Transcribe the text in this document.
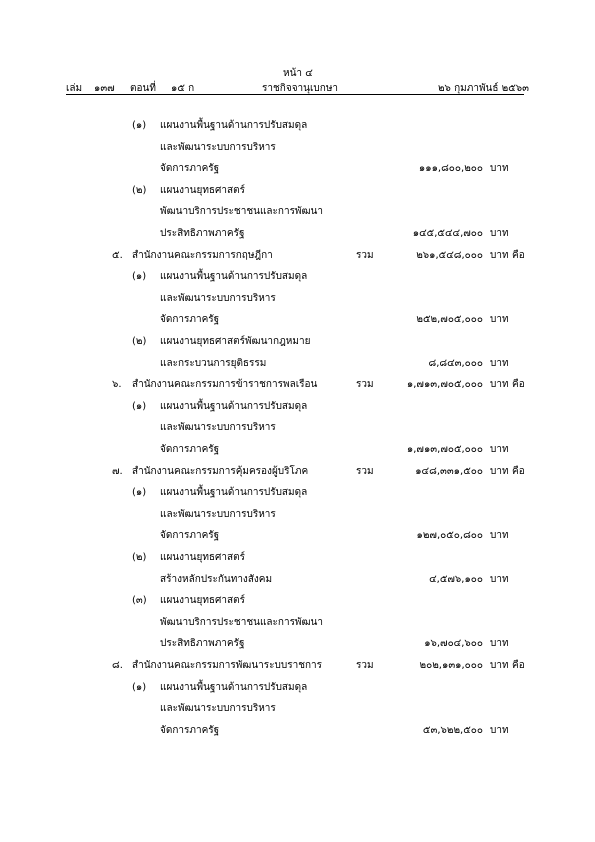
หน้า ๔
เล่ม ๑๓๗ ตอนที่ ๑๕ ก	ราชกิจจานุเบกษา	๒๖ กุมภาพันธ์ ๒๕๖๓
(๑) แผนงานพื้นฐานด้านการปรับสมดุล
และพัฒนาระบบการบริหาร
จัดการภาครัฐ	๑๑๑,๘๐๐,๒๐๐ บาท
(๒) แผนงานยุทธศาสตร์
พัฒนาบริการประชาชนและการพัฒนา
ประสิทธิภาพภาครัฐ	๑๔๕,๕๔๔,๗๐๐ บาท
๕. สำนักงานคณะกรรมการกฤษฎีกา	รวม	๒๖๑,๕๔๘,๐๐๐ บาท คือ
(๑) แผนงานพื้นฐานด้านการปรับสมดุล
และพัฒนาระบบการบริหาร
จัดการภาครัฐ	๒๕๒,๗๐๕,๐๐๐ บาท
(๒) แผนงานยุทธศาสตร์พัฒนากฎหมาย
และกระบวนการยุติธรรม	๘,๘๔๓,๐๐๐ บาท
๖. สำนักงานคณะกรรมการข้าราชการพลเรือน	รวม	๑,๗๑๓,๗๐๕,๐๐๐ บาท คือ
(๑) แผนงานพื้นฐานด้านการปรับสมดุล
และพัฒนาระบบการบริหาร
จัดการภาครัฐ	๑,๗๑๓,๗๐๕,๐๐๐ บาท
๗. สำนักงานคณะกรรมการคุ้มครองผู้บริโภค	รวม	๑๔๘,๓๓๑,๕๐๐ บาท คือ
(๑) แผนงานพื้นฐานด้านการปรับสมดุล
และพัฒนาระบบการบริหาร
จัดการภาครัฐ	๑๒๗,๐๕๐,๘๐๐ บาท
(๒) แผนงานยุทธศาสตร์
สร้างหลักประกันทางสังคม	๔,๕๗๖,๑๐๐ บาท
(๓) แผนงานยุทธศาสตร์
พัฒนาบริการประชาชนและการพัฒนา
ประสิทธิภาพภาครัฐ	๑๖,๗๐๔,๖๐๐ บาท
๘. สำนักงานคณะกรรมการพัฒนาระบบราชการ	รวม	๒๐๒,๑๓๑,๐๐๐ บาท คือ
(๑) แผนงานพื้นฐานด้านการปรับสมดุล
และพัฒนาระบบการบริหาร
จัดการภาครัฐ	๕๓,๖๒๒,๕๐๐ บาท
